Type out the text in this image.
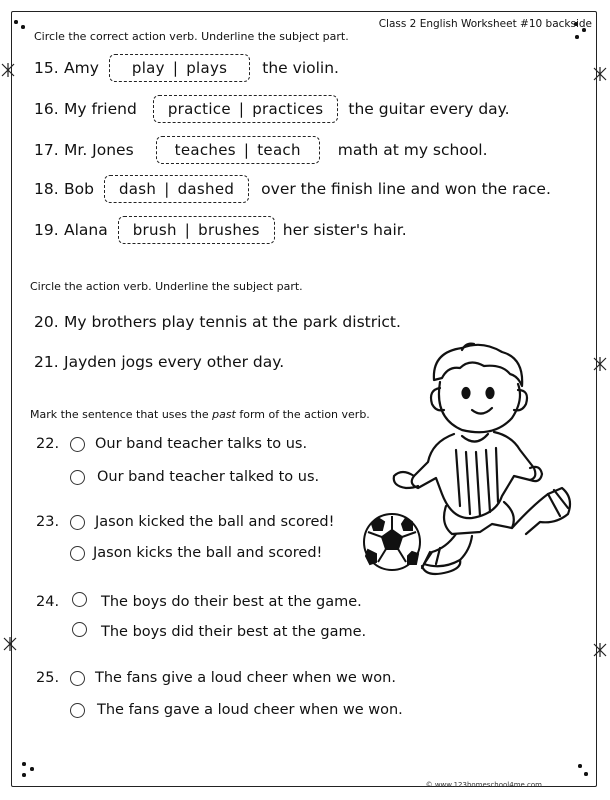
Class 2 English Worksheet #10 backside
Circle the correct action verb. Underline the subject part.
15. Amy play | plays the violin.
16. My friend practice | practices the guitar every day.
17. Mr. Jones	teaches | teach math at my school.
18. Bob dash | dashed over the finish line and won the race.
19. Alana brush | brushes her sister's hair.
Circle the action verb. Underline the subject part.
20. My brothers play tennis at the park district.
21. Jayden jogs every other day.
Mark the sentence that uses the past form of the action verb.
22.	Our band teacher talks to us.
Our band teacher talked to us.
23.	Jason kicked the ball and scored!
Jason kicks the ball and scored!
24.	The boys do their best at the game.
The boys did their best at the game.
25.	The fans give a loud cheer when we won.
The fans gave a loud cheer when we won.
© www.123homeschool4me.com
